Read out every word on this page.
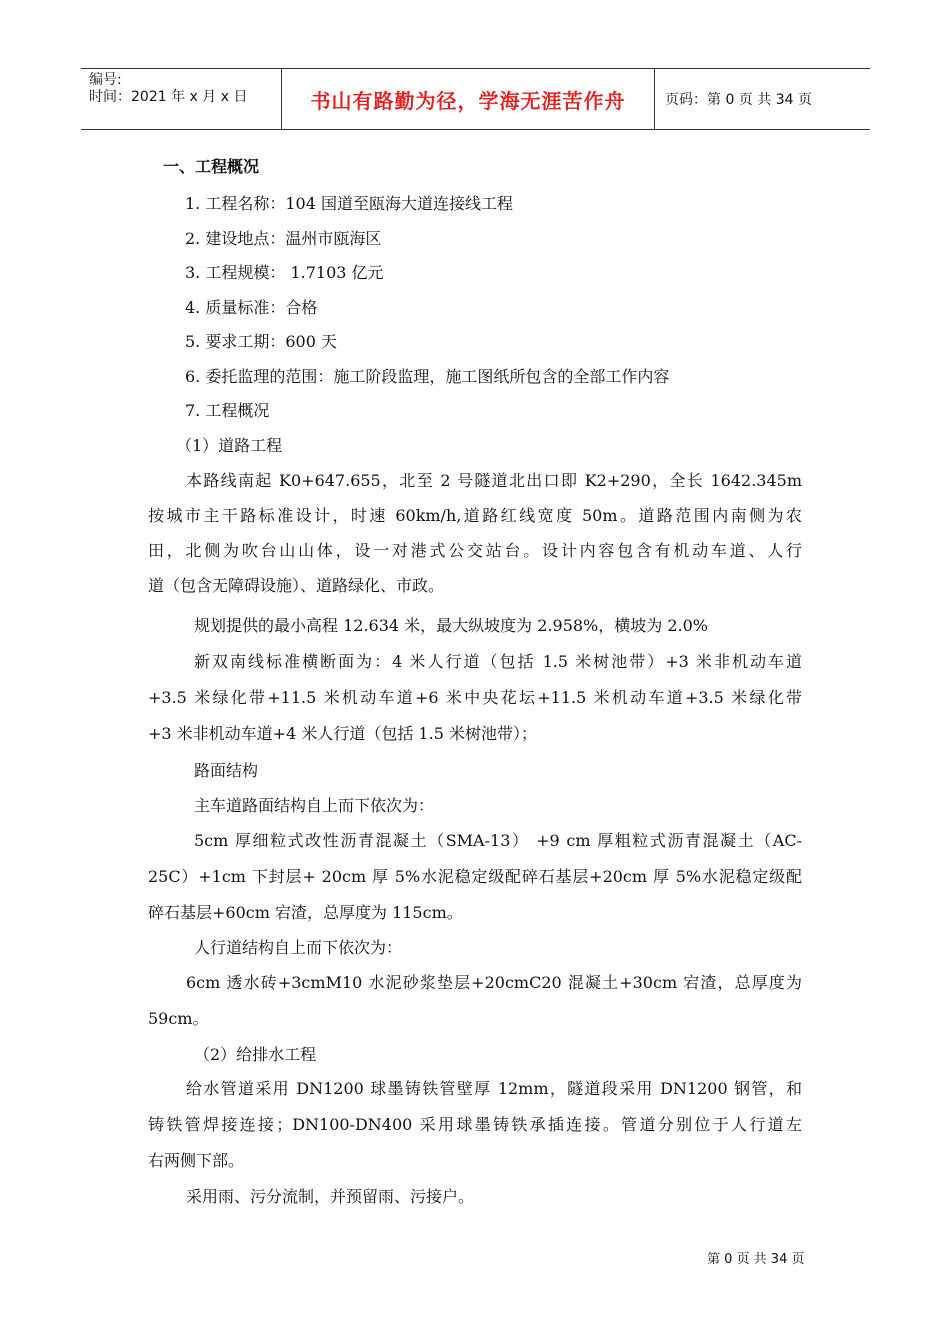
编号:
时间：2021 年 x 月 x 日	书山有路勤为径，学海无涯苦作舟	页码：第 0 页 共 34 页
一、工程概况
1. 工程名称：104 国道至瓯海大道连接线工程
2. 建设地点：温州市瓯海区
3. 工程规模： 1.7103 亿元
4. 质量标准：合格
5. 要求工期：600 天
6. 委托监理的范围：施工阶段监理，施工图纸所包含的全部工作内容
7. 工程概况
（1）道路工程
本路线南起 K0+647.655，北至 2 号隧道北出口即 K2+290，全长 1642.345m
按城市主干路标准设计，时速 60km/h,道路红线宽度 50m。道路范围内南侧为农
田，北侧为吹台山山体，设一对港式公交站台。设计内容包含有机动车道、人行
道（包含无障碍设施）、道路绿化、市政。
规划提供的最小高程 12.634 米，最大纵坡度为 2.958%，横坡为 2.0%
新双南线标准横断面为：4 米人行道（包括 1.5 米树池带）+3 米非机动车道
+3.5 米绿化带+11.5 米机动车道+6 米中央花坛+11.5 米机动车道+3.5 米绿化带
+3 米非机动车道+4 米人行道（包括 1.5 米树池带）；
路面结构
主车道路面结构自上而下依次为：
5cm 厚细粒式改性沥青混凝土（SMA-13） +9 cm 厚粗粒式沥青混凝土（AC-
25C）+1cm 下封层+ 20cm 厚 5%水泥稳定级配碎石基层+20cm 厚 5%水泥稳定级配
碎石基层+60cm 宕渣，总厚度为 115cm。
人行道结构自上而下依次为：
6cm 透水砖+3cmM10 水泥砂浆垫层+20cmC20 混凝土+30cm 宕渣，总厚度为
59cm。
（2）给排水工程
给水管道采用 DN1200 球墨铸铁管壁厚 12mm，隧道段采用 DN1200 钢管，和
铸铁管焊接连接；DN100-DN400 采用球墨铸铁承插连接。管道分别位于人行道左
右两侧下部。
采用雨、污分流制，并预留雨、污接户。
第 0 页 共 34 页
